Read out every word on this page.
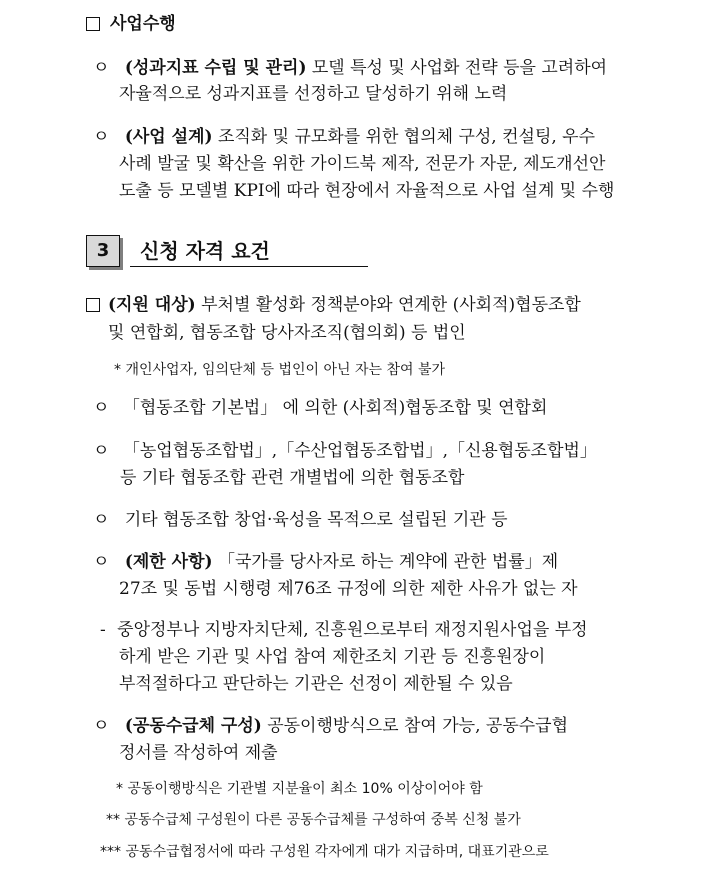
사업수행
ㅇ (성과지표 수립 및 관리) 모델 특성 및 사업화 전략 등을 고려하여
자율적으로 성과지표를 선정하고 달성하기 위해 노력
ㅇ (사업 설계) 조직화 및 규모화를 위한 협의체 구성, 컨설팅, 우수
사례 발굴 및 확산을 위한 가이드북 제작, 전문가 자문, 제도개선안
도출 등 모델별 KPI에 따라 현장에서 자율적으로 사업 설계 및 수행
3	신청 자격 요건
(지원 대상) 부처별 활성화 정책분야와 연계한 (사회적)협동조합
및 연합회, 협동조합 당사자조직(협의회) 등 법인
* 개인사업자, 임의단체 등 법인이 아닌 자는 참여 불가
ㅇ 「협동조합 기본법」 에 의한 (사회적)협동조합 및 연합회
ㅇ 「농업협동조합법」,「수산업협동조합법」,「신용협동조합법」
등 기타 협동조합 관련 개별법에 의한 협동조합
ㅇ 기타 협동조합 창업·육성을 목적으로 설립된 기관 등
ㅇ (제한 사항) 「국가를 당사자로 하는 계약에 관한 법률」제
27조 및 동법 시행령 제76조 규정에 의한 제한 사유가 없는 자
- 중앙정부나 지방자치단체, 진흥원으로부터 재정지원사업을 부정
하게 받은 기관 및 사업 참여 제한조치 기관 등 진흥원장이
부적절하다고 판단하는 기관은 선정이 제한될 수 있음
ㅇ (공동수급체 구성) 공동이행방식으로 참여 가능, 공동수급협
정서를 작성하여 제출
* 공동이행방식은 기관별 지분율이 최소 10% 이상이어야 함
** 공동수급체 구성원이 다른 공동수급체를 구성하여 중복 신청 불가
*** 공동수급협정서에 따라 구성원 각자에게 대가 지급하며, 대표기관으로
